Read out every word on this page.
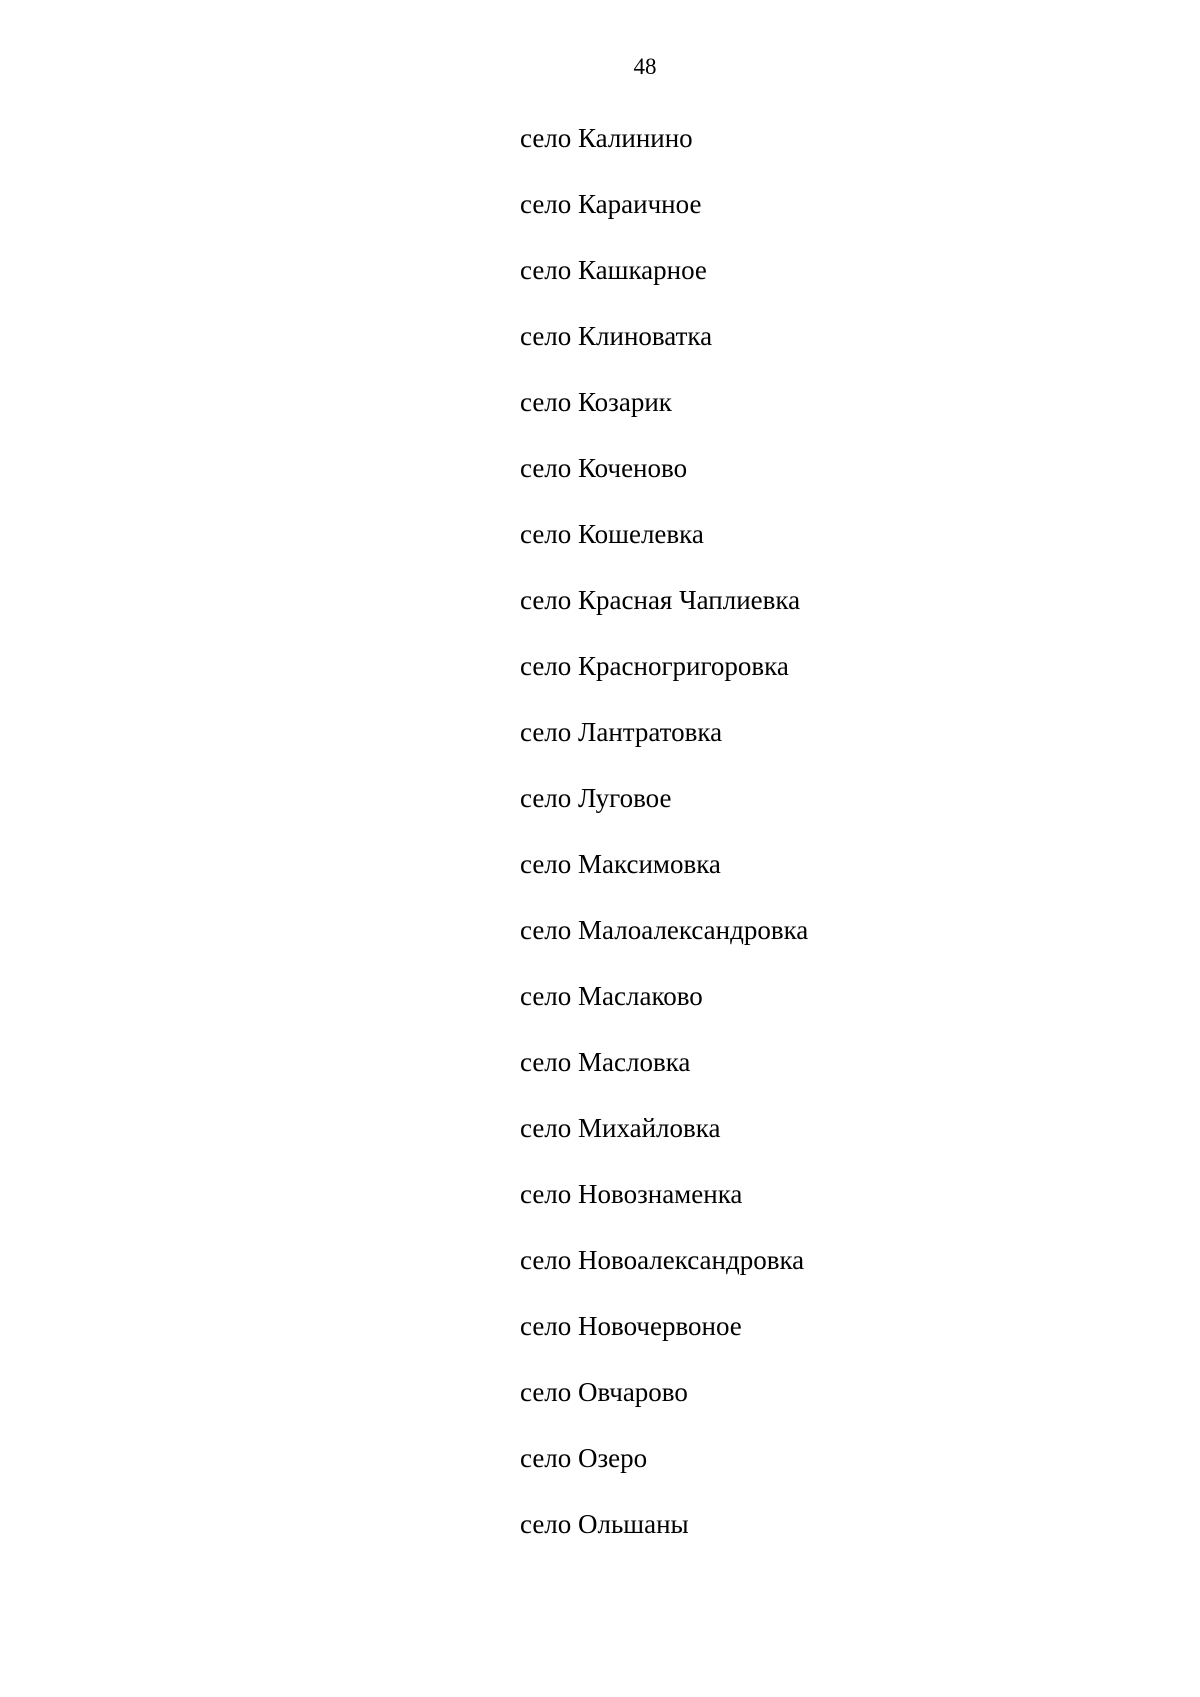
48
село Калинино
село Караичное
село Кашкарное
село Клиноватка
село Козарик
село Коченово
село Кошелевка
село Красная Чаплиевка
село Красногригоровка
село Лантратовка
село Луговое
село Максимовка
село Малоалександровка
село Маслаково
село Масловка
село Михайловка
село Новознаменка
село Новоалександровка
село Новочервоное
село Овчарово
село Озеро
село Ольшаны
